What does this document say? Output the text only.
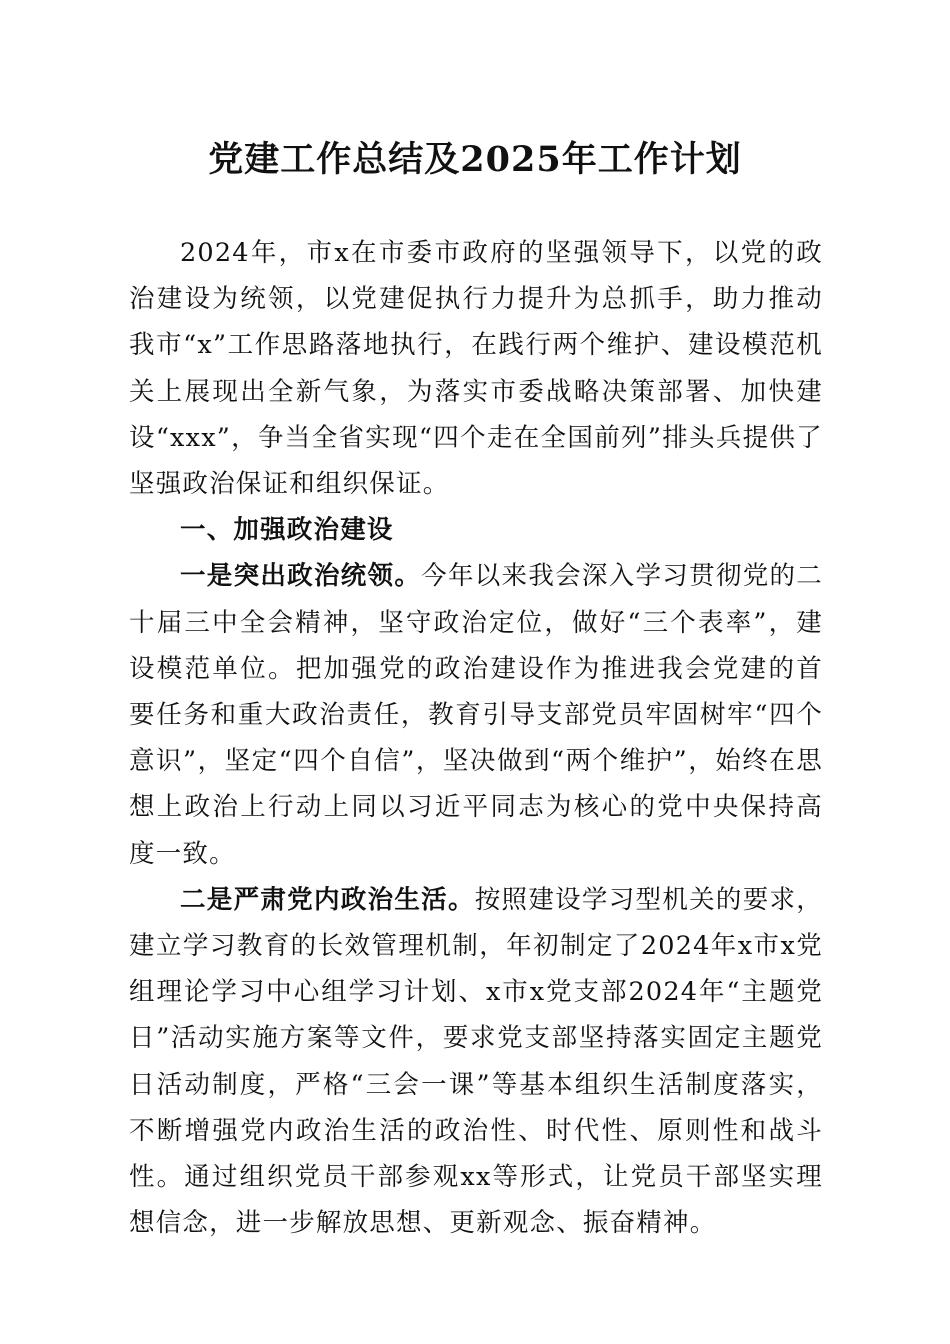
党建工作总结及2025年工作计划

2024年，市x在市委市政府的坚强领导下，以党的政治建设为统领，以党建促执行力提升为总抓手，助力推动我市“x”工作思路落地执行，在践行两个维护、建设模范机关上展现出全新气象，为落实市委战略决策部署、加快建设“xxx”，争当全省实现“四个走在全国前列”排头兵提供了坚强政治保证和组织保证。

一、加强政治建设

一是突出政治统领。今年以来我会深入学习贯彻党的二十届三中全会精神，坚守政治定位，做好“三个表率”，建设模范单位。把加强党的政治建设作为推进我会党建的首要任务和重大政治责任，教育引导支部党员牢固树牢“四个意识”，坚定“四个自信”，坚决做到“两个维护”，始终在思想上政治上行动上同以习近平同志为核心的党中央保持高度一致。

二是严肃党内政治生活。按照建设学习型机关的要求，建立学习教育的长效管理机制，年初制定了2024年x市x党组理论学习中心组学习计划、x市x党支部2024年“主题党日”活动实施方案等文件，要求党支部坚持落实固定主题党日活动制度，严格“三会一课”等基本组织生活制度落实，不断增强党内政治生活的政治性、时代性、原则性和战斗性。通过组织党员干部参观xx等形式，让党员干部坚实理想信念，进一步解放思想、更新观念、振奋精神。
